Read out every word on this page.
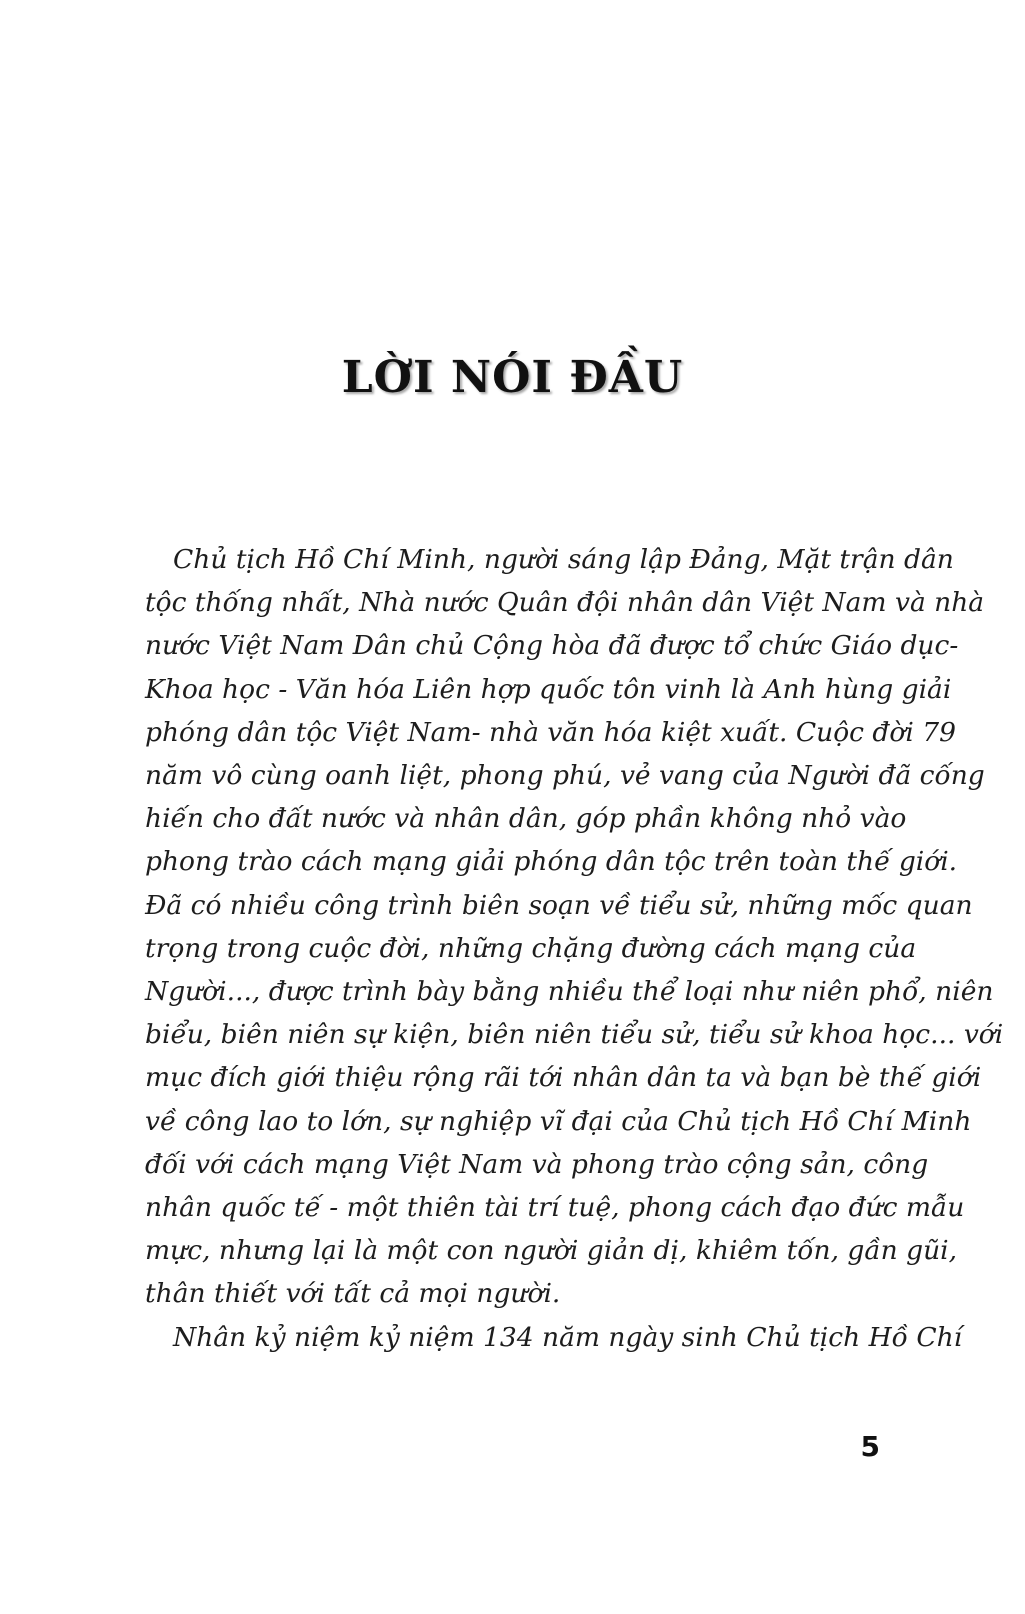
LỜI NÓI ĐẦU
Chủ tịch Hồ Chí Minh, người sáng lập Đảng, Mặt trận dân
tộc thống nhất, Nhà nước Quân đội nhân dân Việt Nam và nhà
nước Việt Nam Dân chủ Cộng hòa đã được tổ chức Giáo dục-
Khoa học - Văn hóa Liên hợp quốc tôn vinh là Anh hùng giải
phóng dân tộc Việt Nam- nhà văn hóa kiệt xuất. Cuộc đời 79
năm vô cùng oanh liệt, phong phú, vẻ vang của Người đã cống
hiến cho đất nước và nhân dân, góp phần không nhỏ vào
phong trào cách mạng giải phóng dân tộc trên toàn thế giới.
Đã có nhiều công trình biên soạn về tiểu sử, những mốc quan
trọng trong cuộc đời, những chặng đường cách mạng của
Người..., được trình bày bằng nhiều thể loại như niên phổ, niên
biểu, biên niên sự kiện, biên niên tiểu sử, tiểu sử khoa học... với
mục đích giới thiệu rộng rãi tới nhân dân ta và bạn bè thế giới
về công lao to lớn, sự nghiệp vĩ đại của Chủ tịch Hồ Chí Minh
đối với cách mạng Việt Nam và phong trào cộng sản, công
nhân quốc tế - một thiên tài trí tuệ, phong cách đạo đức mẫu
mực, nhưng lại là một con người giản dị, khiêm tốn, gần gũi,
thân thiết với tất cả mọi người.
Nhân kỷ niệm kỷ niệm 134 năm ngày sinh Chủ tịch Hồ Chí
5
